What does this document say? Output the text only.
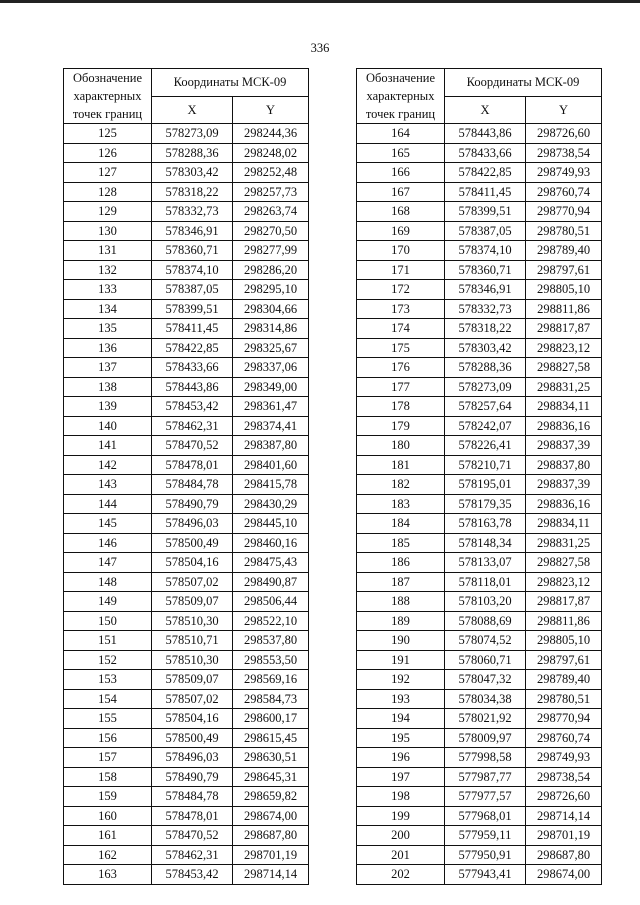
336
Обозначение характерных точек границ	Координаты МСК-09	
	X	Y
125	578273,09	298244,36
126	578288,36	298248,02
127	578303,42	298252,48
128	578318,22	298257,73
129	578332,73	298263,74
130	578346,91	298270,50
131	578360,71	298277,99
132	578374,10	298286,20
133	578387,05	298295,10
134	578399,51	298304,66
135	578411,45	298314,86
136	578422,85	298325,67
137	578433,66	298337,06
138	578443,86	298349,00
139	578453,42	298361,47
140	578462,31	298374,41
141	578470,52	298387,80
142	578478,01	298401,60
143	578484,78	298415,78
144	578490,79	298430,29
145	578496,03	298445,10
146	578500,49	298460,16
147	578504,16	298475,43
148	578507,02	298490,87
149	578509,07	298506,44
150	578510,30	298522,10
151	578510,71	298537,80
152	578510,30	298553,50
153	578509,07	298569,16
154	578507,02	298584,73
155	578504,16	298600,17
156	578500,49	298615,45
157	578496,03	298630,51
158	578490,79	298645,31
159	578484,78	298659,82
160	578478,01	298674,00
161	578470,52	298687,80
162	578462,31	298701,19
163	578453,42	298714,14
Обозначение характерных точек границ	Координаты МСК-09	
	X	Y
164	578443,86	298726,60
165	578433,66	298738,54
166	578422,85	298749,93
167	578411,45	298760,74
168	578399,51	298770,94
169	578387,05	298780,51
170	578374,10	298789,40
171	578360,71	298797,61
172	578346,91	298805,10
173	578332,73	298811,86
174	578318,22	298817,87
175	578303,42	298823,12
176	578288,36	298827,58
177	578273,09	298831,25
178	578257,64	298834,11
179	578242,07	298836,16
180	578226,41	298837,39
181	578210,71	298837,80
182	578195,01	298837,39
183	578179,35	298836,16
184	578163,78	298834,11
185	578148,34	298831,25
186	578133,07	298827,58
187	578118,01	298823,12
188	578103,20	298817,87
189	578088,69	298811,86
190	578074,52	298805,10
191	578060,71	298797,61
192	578047,32	298789,40
193	578034,38	298780,51
194	578021,92	298770,94
195	578009,97	298760,74
196	577998,58	298749,93
197	577987,77	298738,54
198	577977,57	298726,60
199	577968,01	298714,14
200	577959,11	298701,19
201	577950,91	298687,80
202	577943,41	298674,00
